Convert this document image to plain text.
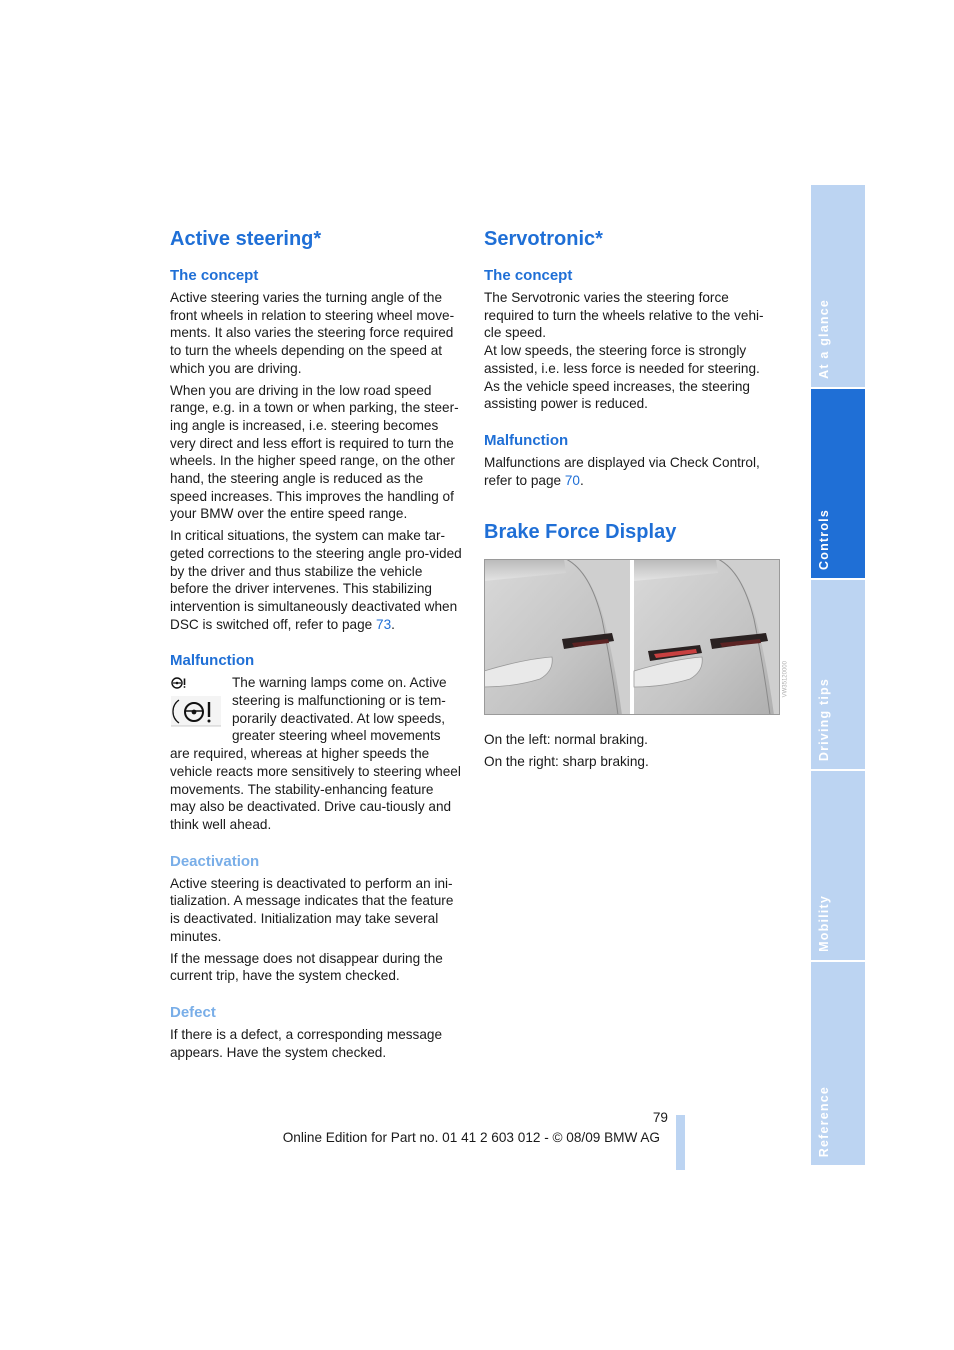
Active steering*
The concept

Active steering varies the turning angle of the front wheels in relation to steering wheel move-ments. It also varies the steering force required to turn the wheels depending on the speed at which you are driving.

When you are driving in the low road speed range, e.g. in a town or when parking, the steer-ing angle is increased, i.e. steering becomes very direct and less effort is required to turn the wheels. In the higher speed range, on the other hand, the steering angle is reduced as the speed increases. This improves the handling of your BMW over the entire speed range.

In critical situations, the system can make tar-geted corrections to the steering angle pro-vided by the driver and thus stabilize the vehicle before the driver intervenes. This stabilizing intervention is simultaneously deactivated when DSC is switched off, refer to page 73.

Malfunction

The warning lamps come on. Active steering is malfunctioning or is tem-porarily deactivated. At low speeds, greater steering wheel movements

are required, whereas at higher speeds the vehicle reacts more sensitively to steering wheel movements. The stability-enhancing feature may also be deactivated. Drive cau-tiously and think well ahead.

Deactivation

Active steering is deactivated to perform an ini-tialization. A message indicates that the feature is deactivated. Initialization may take several minutes.

If the message does not disappear during the current trip, have the system checked.

Defect

If there is a defect, a corresponding message appears. Have the system checked.

Servotronic*
The concept

The Servotronic varies the steering force required to turn the wheels relative to the vehi-cle speed.

At low speeds, the steering force is strongly assisted, i.e. less force is needed for steering. As the vehicle speed increases, the steering assisting power is reduced.

Malfunction

Malfunctions are displayed via Check Control, refer to page 70.

Brake Force Display
VW35120000

On the left: normal braking.

On the right: sharp braking.

At a glance
Controls
Driving tips
Mobility
Reference
79
Online Edition for Part no. 01 41 2 603 012 - © 08/09 BMW AG
